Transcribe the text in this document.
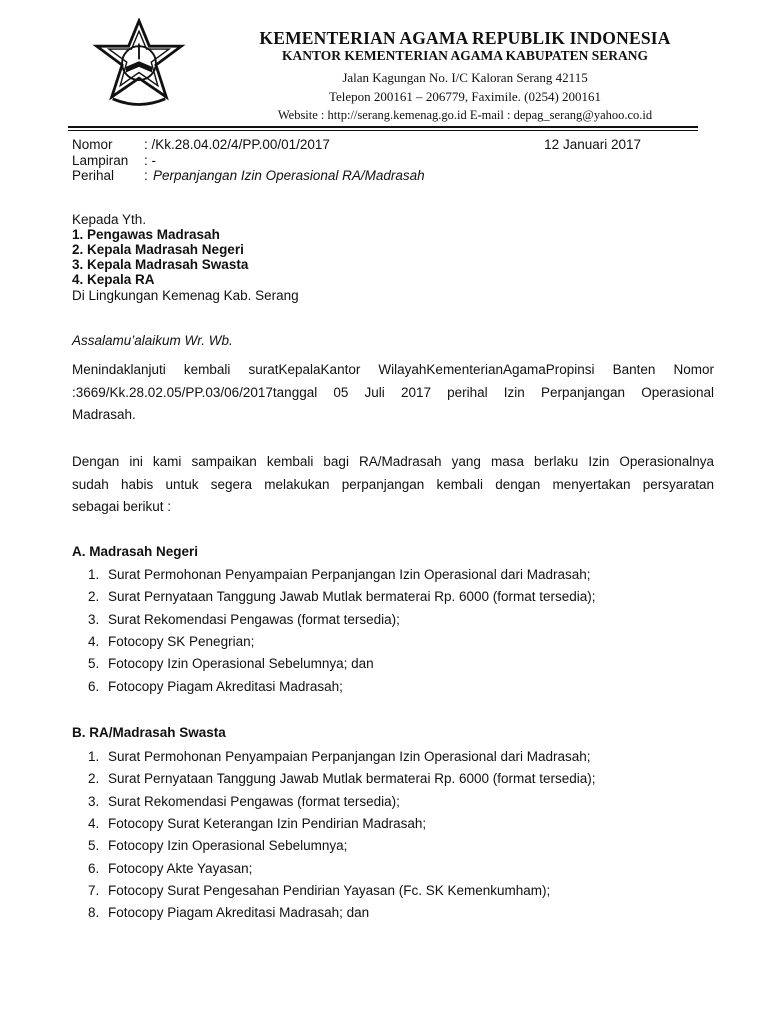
KEMENTERIAN AGAMA REPUBLIK INDONESIA
KANTOR KEMENTERIAN AGAMA KABUPATEN SERANG
Jalan Kagungan No. I/C Kaloran Serang 42115
Telepon 200161 – 206779, Faximile. (0254) 200161
Website : http://serang.kemenag.go.id E-mail : depag_serang@yahoo.co.id
Nomor : /Kk.28.04.02/4/PP.00/01/2017	12 Januari 2017
Lampiran : -
Perihal : Perpanjangan Izin Operasional RA/Madrasah
Kepada Yth.
1. Pengawas Madrasah
2. Kepala Madrasah Negeri
3. Kepala Madrasah Swasta
4. Kepala RA
Di Lingkungan Kemenag Kab. Serang
Assalamu’alaikum Wr. Wb.
Menindaklanjuti kembali suratKepalaKantor WilayahKementerianAgamaPropinsi Banten Nomor
:3669/Kk.28.02.05/PP.03/06/2017tanggal 05 Juli 2017 perihal Izin Perpanjangan Operasional
Madrasah.
Dengan ini kami sampaikan kembali bagi RA/Madrasah yang masa berlaku Izin Operasionalnya
sudah habis untuk segera melakukan perpanjangan kembali dengan menyertakan persyaratan
sebagai berikut :
A. Madrasah Negeri
1. Surat Permohonan Penyampaian Perpanjangan Izin Operasional dari Madrasah;
2. Surat Pernyataan Tanggung Jawab Mutlak bermaterai Rp. 6000 (format tersedia);
3. Surat Rekomendasi Pengawas (format tersedia);
4. Fotocopy SK Penegrian;
5. Fotocopy Izin Operasional Sebelumnya; dan
6. Fotocopy Piagam Akreditasi Madrasah;
B. RA/Madrasah Swasta
1. Surat Permohonan Penyampaian Perpanjangan Izin Operasional dari Madrasah;
2. Surat Pernyataan Tanggung Jawab Mutlak bermaterai Rp. 6000 (format tersedia);
3. Surat Rekomendasi Pengawas (format tersedia);
4. Fotocopy Surat Keterangan Izin Pendirian Madrasah;
5. Fotocopy Izin Operasional Sebelumnya;
6. Fotocopy Akte Yayasan;
7. Fotocopy Surat Pengesahan Pendirian Yayasan (Fc. SK Kemenkumham);
8. Fotocopy Piagam Akreditasi Madrasah; dan
